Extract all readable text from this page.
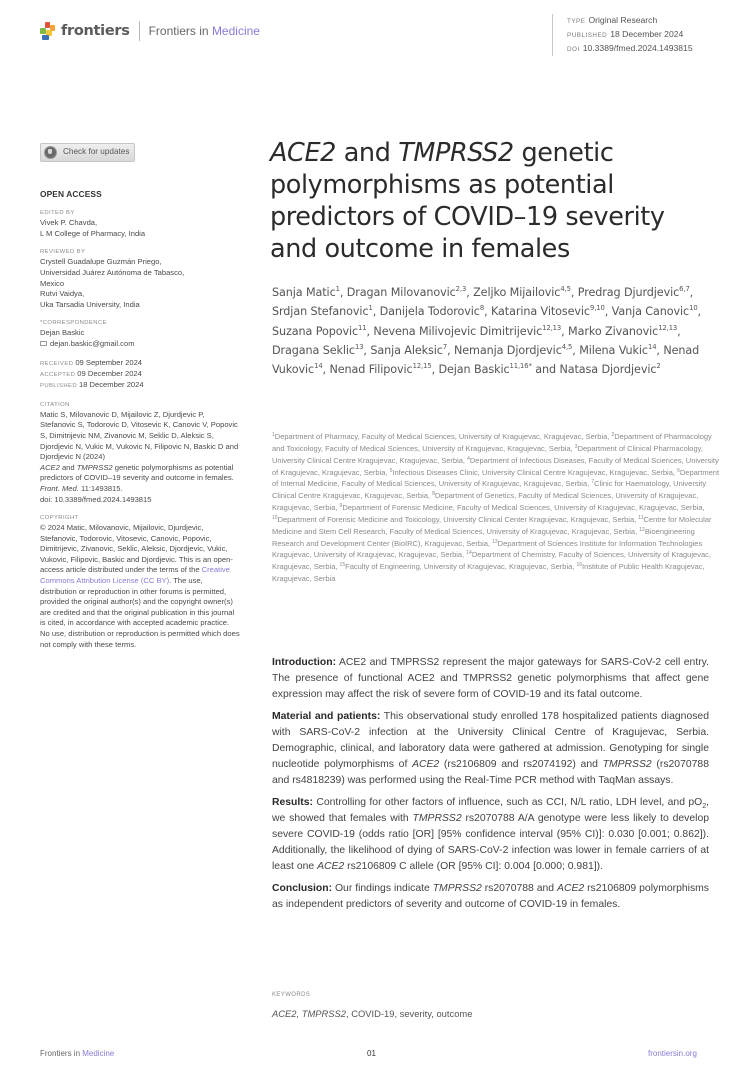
frontiers Frontiers in Medicine
TYPE Original Research
PUBLISHED 18 December 2024
DOI 10.3389/fmed.2024.1493815
Check for updates
OPEN ACCESS
EDITED BY
Vivek P. Chavda,
L M College of Pharmacy, India
REVIEWED BY
Crystell Guadalupe Guzmán Priego,
Universidad Juárez Autónoma de Tabasco,
Mexico
Rutvi Vaidya,
Uka Tarsadia University, India
*CORRESPONDENCE
Dejan Baskic
dejan.baskic@gmail.com
RECEIVED 09 September 2024
ACCEPTED 09 December 2024
PUBLISHED 18 December 2024
CITATION
Matic S, Milovanovic D, Mijailovic Z, Djurdjevic P, Stefanovic S, Todorovic D, Vitosevic K, Canovic V, Popovic S, Dimitrijevic NM, Zivanovic M, Seklic D, Aleksic S, Djordjevic N, Vukic M, Vukovic N, Filipovic N, Baskic D and Djordjevic N (2024)
ACE2 and TMPRSS2 genetic polymorphisms as potential predictors of COVID–19 severity and outcome in females.
Front. Med. 11:1493815.
doi: 10.3389/fmed.2024.1493815
COPYRIGHT
© 2024 Matic, Milovanovic, Mijailovic, Djurdjevic, Stefanovic, Todorovic, Vitosevic, Canovic, Popovic, Dimitrijevic, Zivanovic, Seklic, Aleksic, Djordjevic, Vukic, Vukovic, Filipovic, Baskic and Djordjevic. This is an open-access article distributed under the terms of the Creative Commons Attribution License (CC BY). The use, distribution or reproduction in other forums is permitted, provided the original author(s) and the copyright owner(s) are credited and that the original publication in this journal is cited, in accordance with accepted academic practice. No use, distribution or reproduction is permitted which does not comply with these terms.
ACE2 and TMPRSS2 genetic polymorphisms as potential predictors of COVID–19 severity and outcome in females
Sanja Matic$^1$, Dragan Milovanovic$^{2,3}$, Zeljko Mijailovic$^{4,5}$, Predrag Djurdjevic$^{6,7}$, Srdjan Stefanovic$^1$, Danijela Todorovic$^8$, Katarina Vitosevic$^{9,10}$, Vanja Canovic$^{10}$, Suzana Popovic$^{11}$, Nevena Milivojevic Dimitrijevic$^{12,13}$, Marko Zivanovic$^{12,13}$, Dragana Seklic$^{13}$, Sanja Aleksic$^7$, Nemanja Djordjevic$^{4,5}$, Milena Vukic$^{14}$, Nenad Vukovic$^{14}$, Nenad Filipovic$^{12,15}$, Dejan Baskic$^{11,16*}$ and Natasa Djordjevic$^2$
$^1$Department of Pharmacy, Faculty of Medical Sciences, University of Kragujevac, Kragujevac, Serbia, $^2$Department of Pharmacology and Toxicology, Faculty of Medical Sciences, University of Kragujevac, Kragujevac, Serbia, $^3$Department of Clinical Pharmacology, University Clinical Centre Kragujevac, Kragujevac, Serbia, $^4$Department of Infectious Diseases, Faculty of Medical Sciences, University of Kragujevac, Kragujevac, Serbia, $^5$Infectious Diseases Clinic, University Clinical Centre Kragujevac, Kragujevac, Serbia, $^6$Department of Internal Medicine, Faculty of Medical Sciences, University of Kragujevac, Kragujevac, Serbia, $^7$Clinic for Haematology, University Clinical Centre Kragujevac, Kragujevac, Serbia, $^8$Department of Genetics, Faculty of Medical Sciences, University of Kragujevac, Kragujevac, Serbia, $^9$Department of Forensic Medicine, Faculty of Medical Sciences, University of Kragujevac, Kragujevac, Serbia, $^{10}$Department of Forensic Medicine and Toxicology, University Clinical Center Kragujevac, Kragujevac, Serbia, $^{11}$Centre for Molecular Medicine and Stem Cell Research, Faculty of Medical Sciences, University of Kragujevac, Kragujevac, Serbia, $^{12}$Bioengineering Research and Development Center (BioIRC), Kragujevac, Serbia, $^{13}$Department of Sciences Institute for Information Technologies Kragujevac, University of Kragujevac, Kragujevac, Serbia, $^{14}$Department of Chemistry, Faculty of Sciences, University of Kragujevac, Kragujevac, Serbia, $^{15}$Faculty of Engineering, University of Kragujevac, Kragujevac, Serbia, $^{16}$Institute of Public Health Kragujevac, Kragujevac, Serbia

Introduction: ACE2 and TMPRSS2 represent the major gateways for SARS-CoV-2 cell entry. The presence of functional ACE2 and TMPRSS2 genetic polymorphisms that affect gene expression may affect the risk of severe form of COVID-19 and its fatal outcome.

Material and patients: This observational study enrolled 178 hospitalized patients diagnosed with SARS-CoV-2 infection at the University Clinical Centre of Kragujevac, Serbia. Demographic, clinical, and laboratory data were gathered at admission. Genotyping for single nucleotide polymorphisms of ACE2 (rs2106809 and rs2074192) and TMPRSS2 (rs2070788 and rs4818239) was performed using the Real-Time PCR method with TaqMan assays.

Results: Controlling for other factors of influence, such as CCI, N/L ratio, LDH level, and $pO_2$, we showed that females with TMPRSS2 rs2070788 A/A genotype were less likely to develop severe COVID-19 (odds ratio [OR] [95% confidence interval (95% CI)]: 0.030 [0.001; 0.862]). Additionally, the likelihood of dying of SARS-CoV-2 infection was lower in female carriers of at least one ACE2 rs2106809 C allele (OR [95% CI]: 0.004 [0.000; 0.981]).

Conclusion: Our findings indicate TMPRSS2 rs2070788 and ACE2 rs2106809 polymorphisms as independent predictors of severity and outcome of COVID-19 in females.

KEYWORDS
ACE2, TMPRSS2, COVID-19, severity, outcome
Frontiers in Medicine	01	frontiersin.org
